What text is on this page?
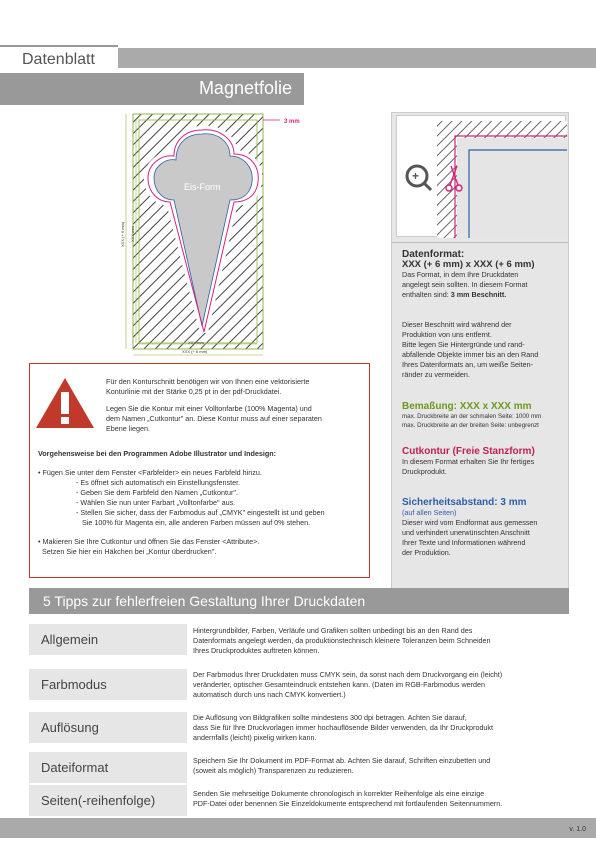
Datenblatt
Magnetfolie
Eis-Form
3 mm
XXX mm
XXX (+ 6 mm)
XXX (+ 6 mm) XXX mm
+
Datenformat:
XXX (+ 6 mm) x XXX (+ 6 mm)
Das Format, in dem Ihre Druckdaten
angelegt sein sollten. In diesem Format
enthalten sind: 3 mm Beschnitt.
Dieser Beschnitt wird während der
Produktion von uns entfernt.
Bitte legen Sie Hintergründe und rand-
abfallende Objekte immer bis an den Rand
Ihres Datenformats an, um weiße Seiten-
ränder zu vermeiden.
Bemaßung: XXX x XXX mm
max. Druckbreite an der schmalen Seite: 1000 mm
max. Druckbreite an der breiten Seite: unbegrenzt
Cutkontur (Freie Stanzform)
In diesem Format erhalten Sie Ihr fertiges
Druckprodukt.
Sicherheitsabstand: 3 mm
(auf allen Seiten)
Dieser wird vom Endformat aus gemessen
und verhindert unerwünschten Anschnitt
Ihrer Texte und Informationen während
der Produktion.
Für den Konturschnitt benötigen wir von Ihnen eine vektorisierte
Konturlinie mit der Stärke 0,25 pt in der pdf-Druckdatei.
Legen Sie die Kontur mit einer Volltonfarbe (100% Magenta) und
dem Namen „Cutkontur" an. Diese Kontur muss auf einer separaten
Ebene liegen.
Vorgehensweise bei den Programmen Adobe Illustrator und Indesign:
• Fügen Sie unter dem Fenster <Farbfelder> ein neues Farbfeld hinzu.
- Es öffnet sich automatisch ein Einstellungsfenster.
- Geben Sie dem Farbfeld den Namen „Cutkontur".
- Wählen Sie nun unter Farbart „Volltonfarbe" aus.
- Stellen Sie sicher, dass der Farbmodus auf „CMYK" eingestellt ist und geben
Sie 100% für Magenta ein, alle anderen Farben müssen auf 0% stehen.
• Makieren Sie Ihre Cutkontur und öffnen Sie das Fenster <Attribute>.
Setzen Sie hier ein Häkchen bei „Kontur überdrucken".
5 Tipps zur fehlerfreien Gestaltung Ihrer Druckdaten
Allgemein
Hintergrundbilder, Farben, Verläufe und Grafiken sollten unbedingt bis an den Rand des
Datenformats angelegt werden, da produktionstechnisch kleinere Toleranzen beim Schneiden
Ihres Druckproduktes auftreten können.
Farbmodus
Der Farbmodus Ihrer Druckdaten muss CMYK sein, da sonst nach dem Druckvorgang ein (leicht)
veränderter, optischer Gesamteindruck entstehen kann. (Daten im RGB-Farbmodus werden
automatisch durch uns nach CMYK konvertiert.)
Auflösung
Die Auflösung von Bildgrafiken sollte mindestens 300 dpi betragen. Achten Sie darauf,
dass Sie für Ihre Druckvorlagen immer hochauflösende Bilder verwenden, da Ihr Druckprodukt
andernfalls (leicht) pixelig wirken kann.
Dateiformat	Speichern Sie Ihr Dokument im PDF-Format ab. Achten Sie darauf, Schriften einzubetten und
(soweit als möglich) Transparenzen zu reduzieren.
Seiten(-reihenfolge)	Senden Sie mehrseitige Dokumente chronologisch in korrekter Reihenfolge als eine einzige
PDF-Datei oder benennen Sie Einzeldokumente entsprechend mit fortlaufenden Seitennummern.
v. 1.0
